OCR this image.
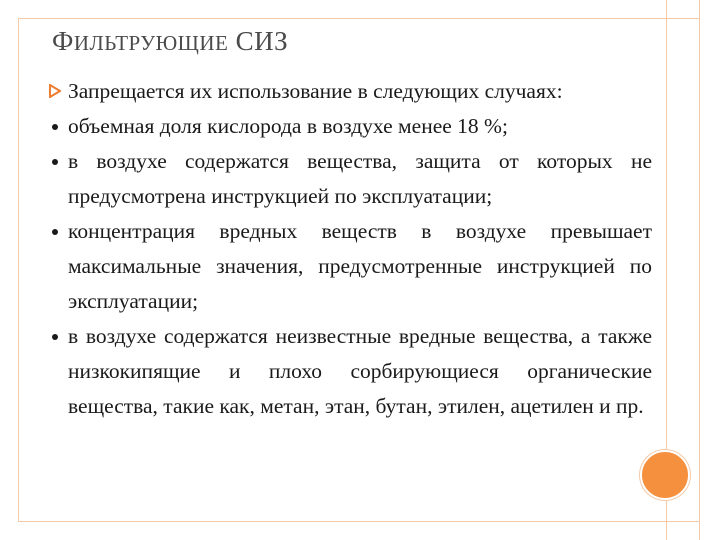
ФИЛЬТРУЮЩИЕ СИЗ

Запрещается их использование в следующих случаях:

объемная доля кислорода в воздухе менее 18 %;

в воздухе содержатся вещества, защита от которых не предусмотрена инструкцией по эксплуатации;

концентрация вредных веществ в воздухе превышает максимальные значения, предусмотренные инструкцией по эксплуатации;

в воздухе содержатся неизвестные вредные вещества, а также низкокипящие и плохо сорбирующиеся органические вещества, такие как, метан, этан, бутан, этилен, ацетилен и пр.
